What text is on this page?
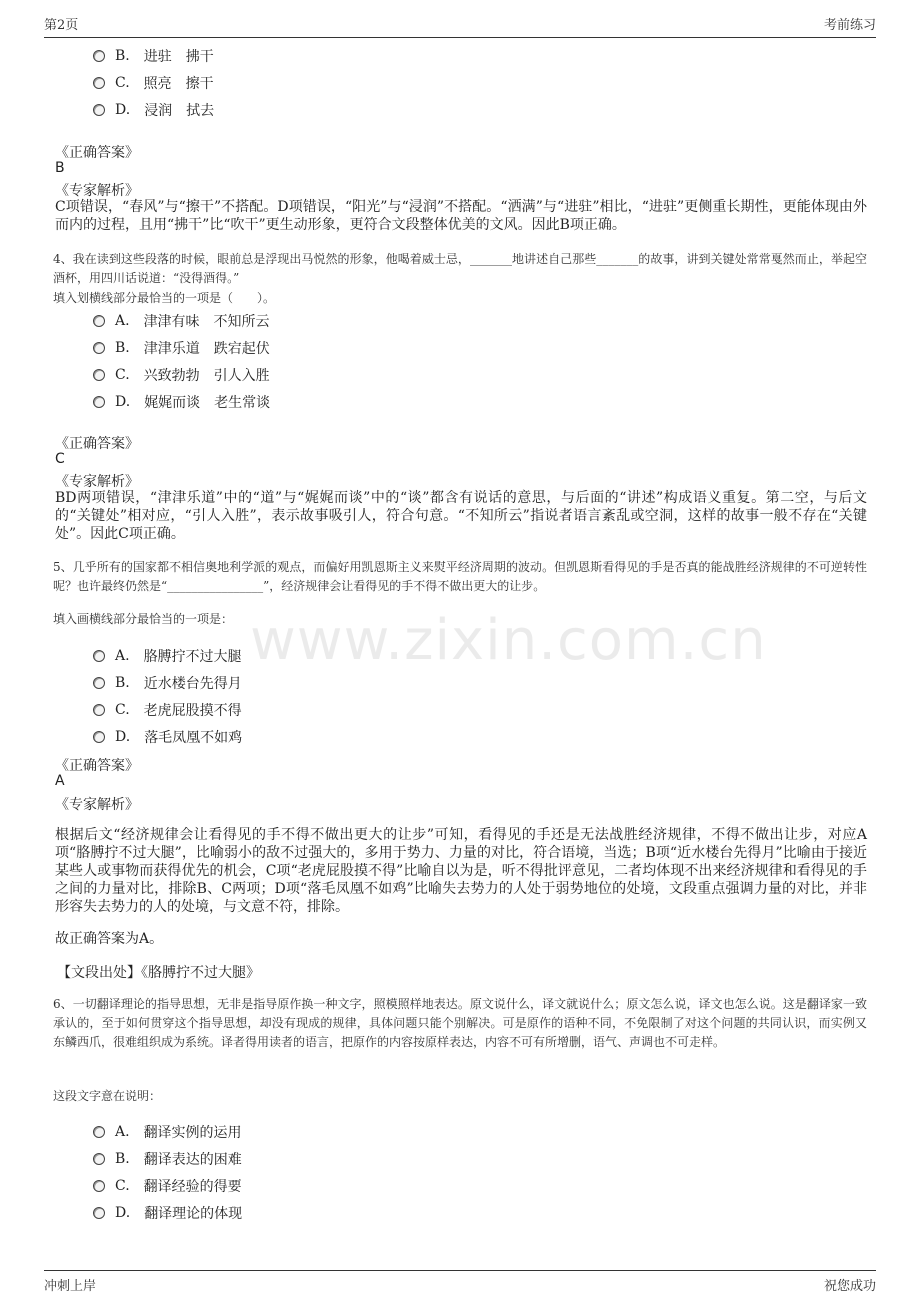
第2页	考前练习
www.zixin.com.cn
B. 进驻　拂干
C. 照亮　擦干
D. 浸润　拭去
《正确答案》
B
《专家解析》
C项错误，“春风”与“擦干”不搭配。D项错误，“阳光”与“浸润”不搭配。“洒满”与“进驻”相比，“进驻”更侧重长期性，更能体现由外而内的过程，且用“拂干”比“吹干”更生动形象，更符合文段整体优美的文风。因此B项正确。
4、我在读到这些段落的时候，眼前总是浮现出马悦然的形象，他喝着威士忌，_______地讲述自己那些_______的故事，讲到关键处常常戛然而止，举起空酒杯，用四川话说道：“没得酒得。”
填入划横线部分最恰当的一项是（　　）。
A. 津津有味　不知所云
B. 津津乐道　跌宕起伏
C. 兴致勃勃　引人入胜
D. 娓娓而谈　老生常谈
《正确答案》
C
《专家解析》
BD两项错误，“津津乐道”中的“道”与“娓娓而谈”中的“谈”都含有说话的意思，与后面的“讲述”构成语义重复。第二空，与后文的“关键处”相对应，“引人入胜”，表示故事吸引人，符合句意。“不知所云”指说者语言紊乱或空洞，这样的故事一般不存在“关键处”。因此C项正确。
5、几乎所有的国家都不相信奥地利学派的观点，而偏好用凯恩斯主义来熨平经济周期的波动。但凯恩斯看得见的手是否真的能战胜经济规律的不可逆转性呢？也许最终仍然是“________________”，经济规律会让看得见的手不得不做出更大的让步。
填入画横线部分最恰当的一项是：
A. 胳膊拧不过大腿
B. 近水楼台先得月
C. 老虎屁股摸不得
D. 落毛凤凰不如鸡
《正确答案》
A
《专家解析》
根据后文“经济规律会让看得见的手不得不做出更大的让步”可知，看得见的手还是无法战胜经济规律，不得不做出让步，对应A项“胳膊拧不过大腿”，比喻弱小的敌不过强大的，多用于势力、力量的对比，符合语境，当选；B项“近水楼台先得月”比喻由于接近某些人或事物而获得优先的机会，C项“老虎屁股摸不得”比喻自以为是，听不得批评意见，二者均体现不出来经济规律和看得见的手之间的力量对比，排除B、C两项；D项“落毛凤凰不如鸡”比喻失去势力的人处于弱势地位的处境，文段重点强调力量的对比，并非形容失去势力的人的处境，与文意不符，排除。
故正确答案为A。
【文段出处】《胳膊拧不过大腿》
6、一切翻译理论的指导思想，无非是指导原作换一种文字，照模照样地表达。原文说什么，译文就说什么；原文怎么说，译文也怎么说。这是翻译家一致承认的，至于如何贯穿这个指导思想，却没有现成的规律，具体问题只能个别解决。可是原作的语种不同，不免限制了对这个问题的共同认识，而实例又东鳞西爪，很难组织成为系统。译者得用读者的语言，把原作的内容按原样表达，内容不可有所增删，语气、声调也不可走样。
这段文字意在说明：
A. 翻译实例的运用
B. 翻译表达的困难
C. 翻译经验的得要
D. 翻译理论的体现
冲刺上岸	祝您成功
